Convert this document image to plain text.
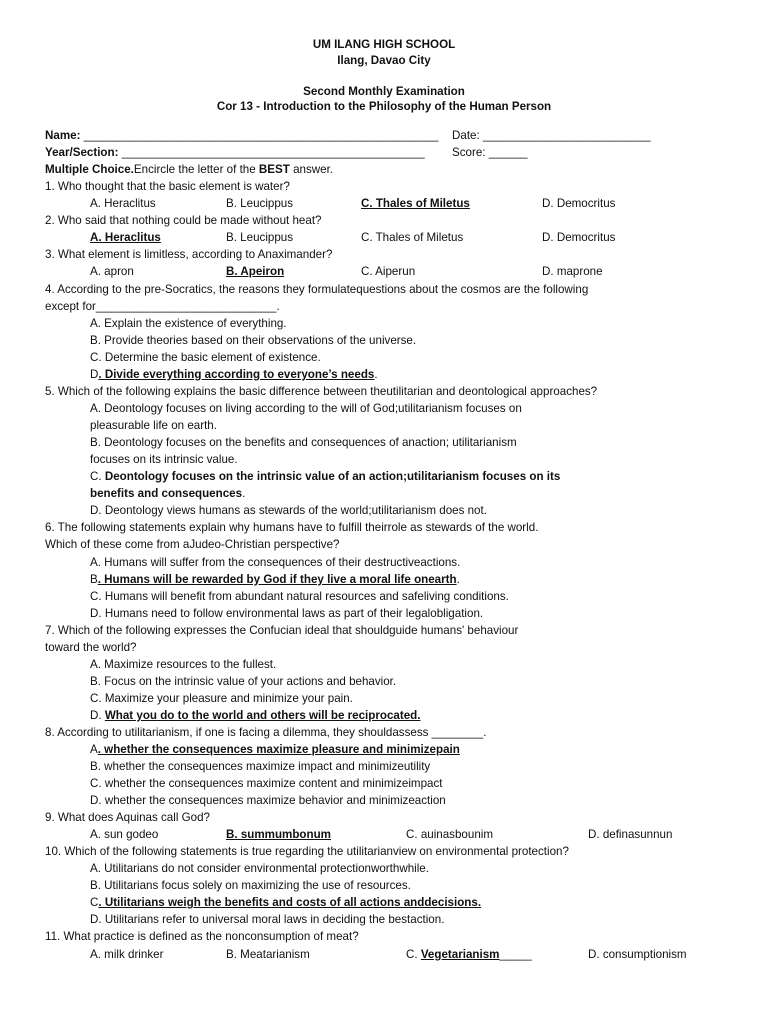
UM ILANG HIGH SCHOOL
Ilang, Davao City
Second Monthly Examination
Cor 13 - Introduction to the Philosophy of the Human Person
Name: _______________________________________________________ Date: __________________________
Year/Section: _______________________________________________ Score: ______
Multiple Choice.Encircle the letter of the BEST answer.
1. Who thought that the basic element is water?
A. Heraclitus	B. Leucippus	C. Thales of Miletus	D. Democritus
2. Who said that nothing could be made without heat?
A. Heraclitus	B. Leucippus	C. Thales of Miletus	D. Democritus
3. What element is limitless, according to Anaximander?
A. apron	B. Apeiron	C. Aiperun	D. maprone
4. According to the pre-Socratics, the reasons they formulatequestions about the cosmos are the following
except for____________________________.
A. Explain the existence of everything.
B. Provide theories based on their observations of the universe.
C. Determine the basic element of existence.
D. Divide everything according to everyone’s needs.
5. Which of the following explains the basic difference between theutilitarian and deontological approaches?
A. Deontology focuses on living according to the will of God;utilitarianism focuses on
pleasurable life on earth.
B. Deontology focuses on the benefits and consequences of anaction; utilitarianism
focuses on its intrinsic value.
C. Deontology focuses on the intrinsic value of an action;utilitarianism focuses on its
benefits and consequences.
D. Deontology views humans as stewards of the world;utilitarianism does not.
6. The following statements explain why humans have to fulfill theirrole as stewards of the world.
Which of these come from aJudeo-Christian perspective?
A. Humans will suffer from the consequences of their destructiveactions.
B. Humans will be rewarded by God if they live a moral life onearth.
C. Humans will benefit from abundant natural resources and safeliving conditions.
D. Humans need to follow environmental laws as part of their legalobligation.
7. Which of the following expresses the Confucian ideal that shouldguide humans' behaviour
toward the world?
A. Maximize resources to the fullest.
B. Focus on the intrinsic value of your actions and behavior.
C. Maximize your pleasure and minimize your pain.
D. What you do to the world and others will be reciprocated.
8. According to utilitarianism, if one is facing a dilemma, they shouldassess ________.
A. whether the consequences maximize pleasure and minimizepain
B. whether the consequences maximize impact and minimizeutility
C. whether the consequences maximize content and minimizeimpact
D. whether the consequences maximize behavior and minimizeaction
9. What does Aquinas call God?
A. sun godeo	B. summumbonum	C. auinasbounim	D. definasunnun
10. Which of the following statements is true regarding the utilitarianview on environmental protection?
A. Utilitarians do not consider environmental protectionworthwhile.
B. Utilitarians focus solely on maximizing the use of resources.
C. Utilitarians weigh the benefits and costs of all actions anddecisions.
D. Utilitarians refer to universal moral laws in deciding the bestaction.
11. What practice is defined as the nonconsumption of meat?
A. milk drinker	B. Meatarianism	C. Vegetarianism_____	D. consumptionism
